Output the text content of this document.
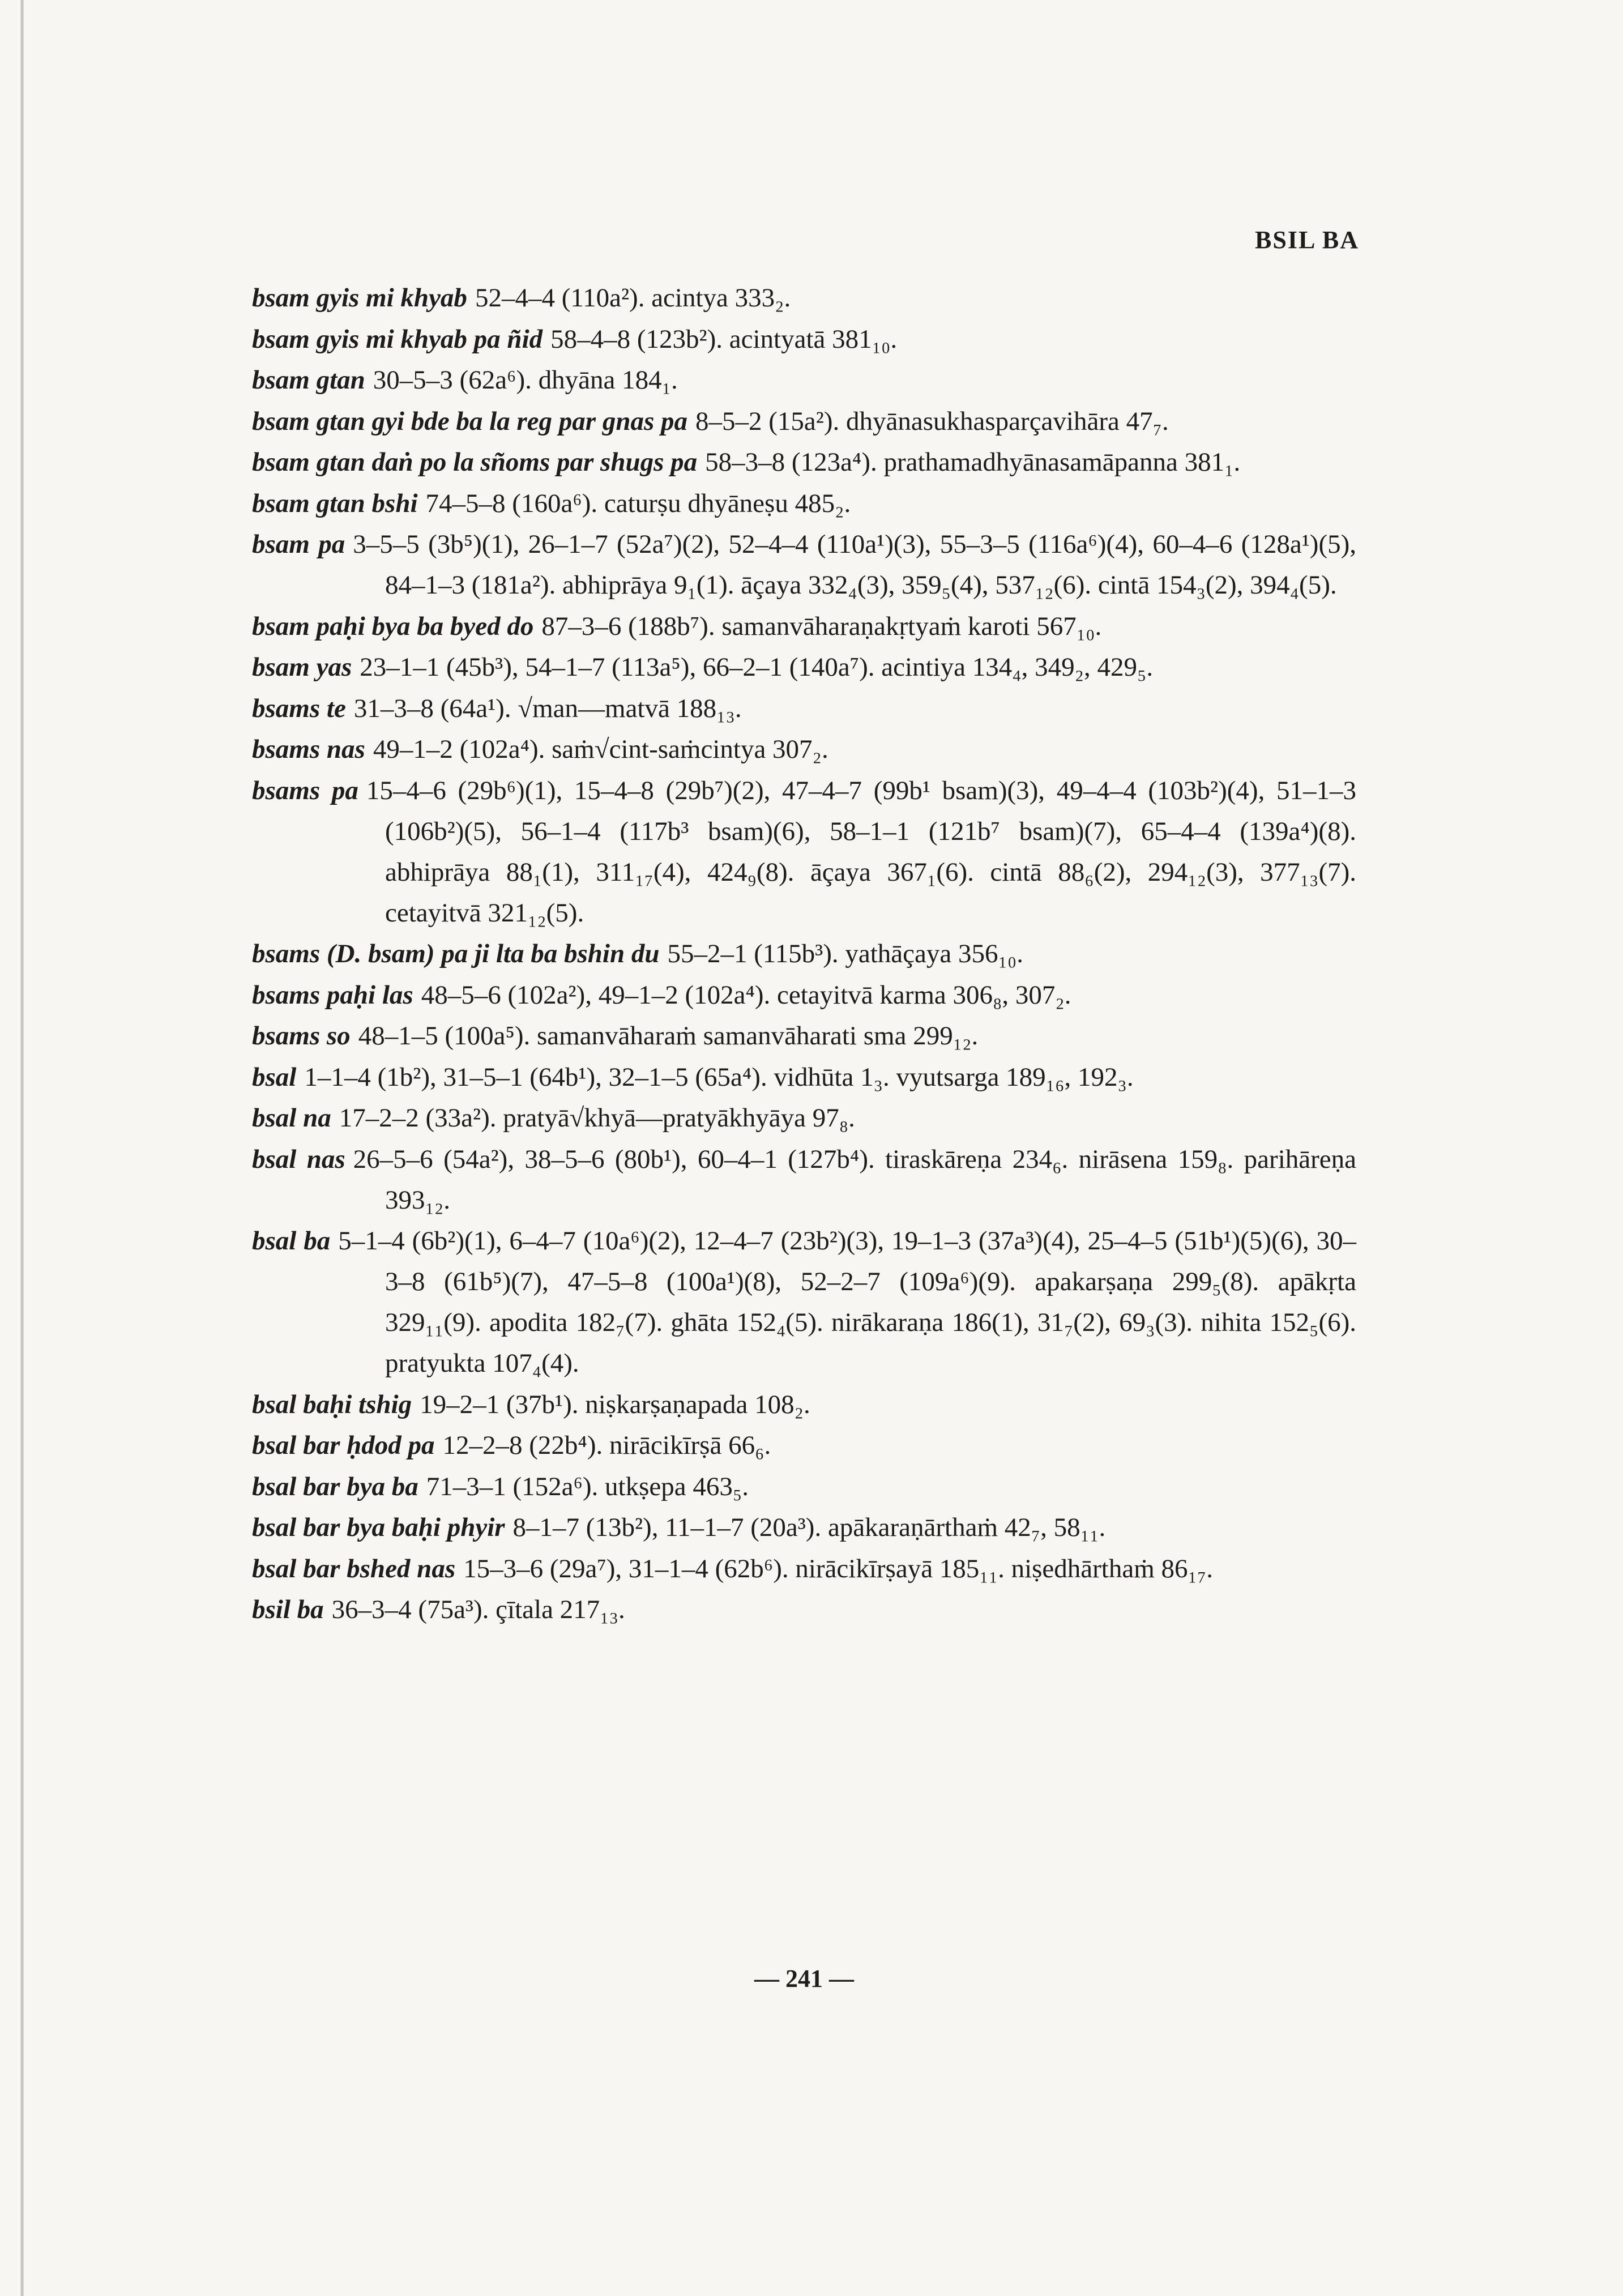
BSIL BA

bsam gyis mi khyab 52–4–4 (110a²). acintya 333₂.

bsam gyis mi khyab pa ñid 58–4–8 (123b²). acintyatā 381₁₀.

bsam gtan 30–5–3 (62a⁶). dhyāna 184₁.

bsam gtan gyi bde ba la reg par gnas pa 8–5–2 (15a²). dhyānasukhasparçavihāra 47₇.

bsam gtan daṅ po la sñoms par shugs pa 58–3–8 (123a⁴). prathamadhyānasamāpanna 381₁.

bsam gtan bshi 74–5–8 (160a⁶). caturṣu dhyāneṣu 485₂.

bsam pa 3–5–5 (3b⁵)(1), 26–1–7 (52a⁷)(2), 52–4–4 (110a¹)(3), 55–3–5 (116a⁶)(4), 60–4–6 (128a¹)(5), 84–1–3 (181a²). abhiprāya 9₁(1). āçaya 332₄(3), 359₅(4), 537₁₂(6). cintā 154₃(2), 394₄(5).

bsam paḥi bya ba byed do 87–3–6 (188b⁷). samanvāharaṇakṛtyaṁ karoti 567₁₀.

bsam yas 23–1–1 (45b³), 54–1–7 (113a⁵), 66–2–1 (140a⁷). acintiya 134₄, 349₂, 429₅.

bsams te 31–3–8 (64a¹). √man—matvā 188₁₃.

bsams nas 49–1–2 (102a⁴). saṁ√cint-saṁcintya 307₂.

bsams pa 15–4–6 (29b⁶)(1), 15–4–8 (29b⁷)(2), 47–4–7 (99b¹ bsam)(3), 49–4–4 (103b²)(4), 51–1–3 (106b²)(5), 56–1–4 (117b³ bsam)(6), 58–1–1 (121b⁷ bsam)(7), 65–4–4 (139a⁴)(8). abhiprāya 88₁(1), 311₁₇(4), 424₉(8). āçaya 367₁(6). cintā 88₆(2), 294₁₂(3), 377₁₃(7). cetayitvā 321₁₂(5).

bsams (D. bsam) pa ji lta ba bshin du 55–2–1 (115b³). yathāçaya 356₁₀.

bsams paḥi las 48–5–6 (102a²), 49–1–2 (102a⁴). cetayitvā karma 306₈, 307₂.

bsams so 48–1–5 (100a⁵). samanvāharaṁ samanvāharati sma 299₁₂.

bsal 1–1–4 (1b²), 31–5–1 (64b¹), 32–1–5 (65a⁴). vidhūta 1₃. vyutsarga 189₁₆, 192₃.

bsal na 17–2–2 (33a²). pratyā√khyā—pratyākhyāya 97₈.

bsal nas 26–5–6 (54a²), 38–5–6 (80b¹), 60–4–1 (127b⁴). tiraskāreṇa 234₆. nirāsena 159₈. parihāreṇa 393₁₂.

bsal ba 5–1–4 (6b²)(1), 6–4–7 (10a⁶)(2), 12–4–7 (23b²)(3), 19–1–3 (37a³)(4), 25–4–5 (51b¹)(5)(6), 30–3–8 (61b⁵)(7), 47–5–8 (100a¹)(8), 52–2–7 (109a⁶)(9). apakarṣaṇa 299₅(8). apākṛta 329₁₁(9). apodita 182₇(7). ghāta 152₄(5). nirākaraṇa 186(1), 31₇(2), 69₃(3). nihita 152₅(6). pratyukta 107₄(4).

bsal baḥi tshig 19–2–1 (37b¹). niṣkarṣaṇapada 108₂.

bsal bar ḥdod pa 12–2–8 (22b⁴). nirācikīrṣā 66₆.

bsal bar bya ba 71–3–1 (152a⁶). utkṣepa 463₅.

bsal bar bya baḥi phyir 8–1–7 (13b²), 11–1–7 (20a³). apākaraṇārthaṁ 42₇, 58₁₁.

bsal bar bshed nas 15–3–6 (29a⁷), 31–1–4 (62b⁶). nirācikīrṣayā 185₁₁. niṣedhārthaṁ 86₁₇.

bsil ba 36–3–4 (75a³). çītala 217₁₃.

— 241 —
